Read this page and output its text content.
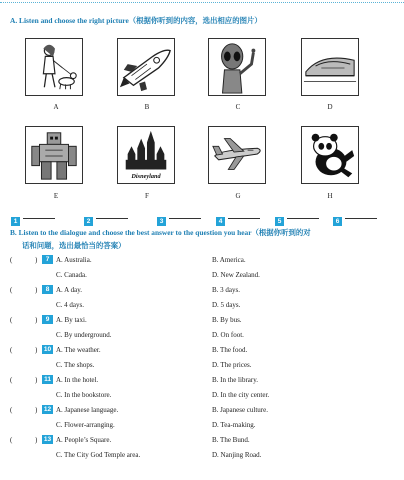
A. Listen and choose the right picture（根据你听到的内容，选出相应的图片）
A	B	C	D
Disneyland
E	F	G	H
1	2	3	4	5	6
B. Listen to the dialogue and choose the best answer to the question you hear（根据你听到的对
话和问题，选出最恰当的答案）
(	)	7 A. Australia.	B. America.
C. Canada.	D. New Zealand.
(	)	8 A. A day.	B. 3 days.
C. 4 days.	D. 5 days.
(	)	9 A. By taxi.	B. By bus.
C. By underground.	D. On foot.
(	) 10 A. The weather.	B. The food.
C. The shops.	D. The prices.
(	)	11 A. In the hotel.	B. In the library.
C. In the bookstore.	D. In the city center.
(	) 12 A. Japanese language.	B. Japanese culture.
C. Flower-arranging.	D. Tea-making.
(	) 13 A. People’s Square.	B. The Bund.
C. The City God Temple area.	D. Nanjing Road.
